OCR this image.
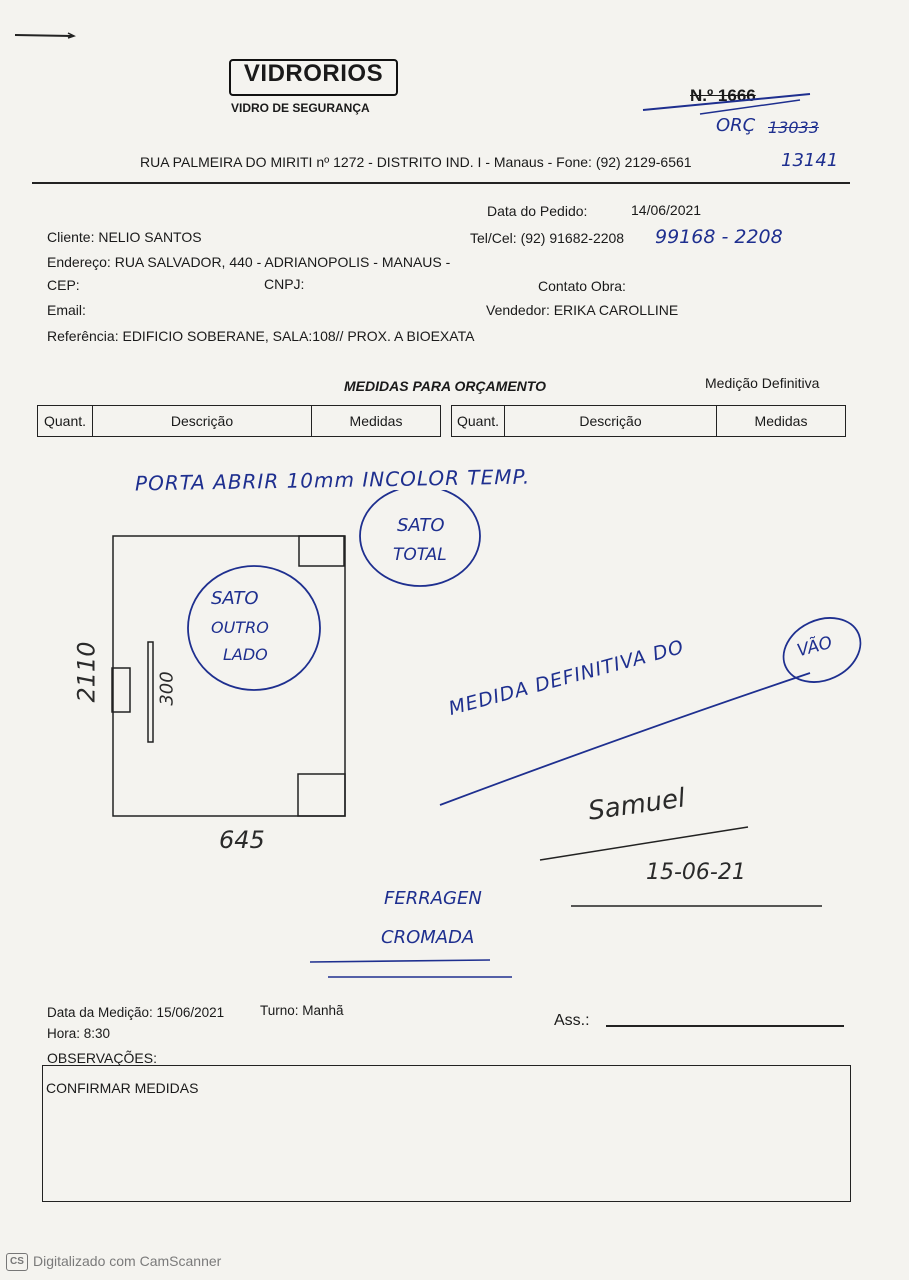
VIDRORIOS
VIDRO DE SEGURANÇA
N.º 1666
ORÇ 13033
13141
RUA PALMEIRA DO MIRITI nº 1272 - DISTRITO IND. I - Manaus - Fone: (92) 2129-6561
Data do Pedido:	14/06/2021
Cliente: NELIO SANTOS	Tel/Cel: (92) 91682-2208 99168 - 2208
Endereço: RUA SALVADOR, 440 - ADRIANOPOLIS - MANAUS -
CEP:	CNPJ:	Contato Obra:
Email:	Vendedor: ERIKA CAROLLINE
Referência: EDIFICIO SOBERANE, SALA:108// PROX. A BIOEXATA
MEDIDAS PARA ORÇAMENTO	Medição Definitiva
Quant.	Descrição	Medidas	Quant.	Descrição	Medidas
PORTA ABRIR 10mm INCOLOR TEMP.
SATO
TOTAL
SATO
OUTRO
LADO
2110	300
645
MEDIDA DEFINITIVA DO	VÃO
Samuel
15-06-21
FERRAGEN
CROMADA
Data da Medição: 15/06/2021	Turno: Manhã
Hora: 8:30
Ass.:
OBSERVAÇÕES:
CONFIRMAR MEDIDAS
CS Digitalizado com CamScanner
